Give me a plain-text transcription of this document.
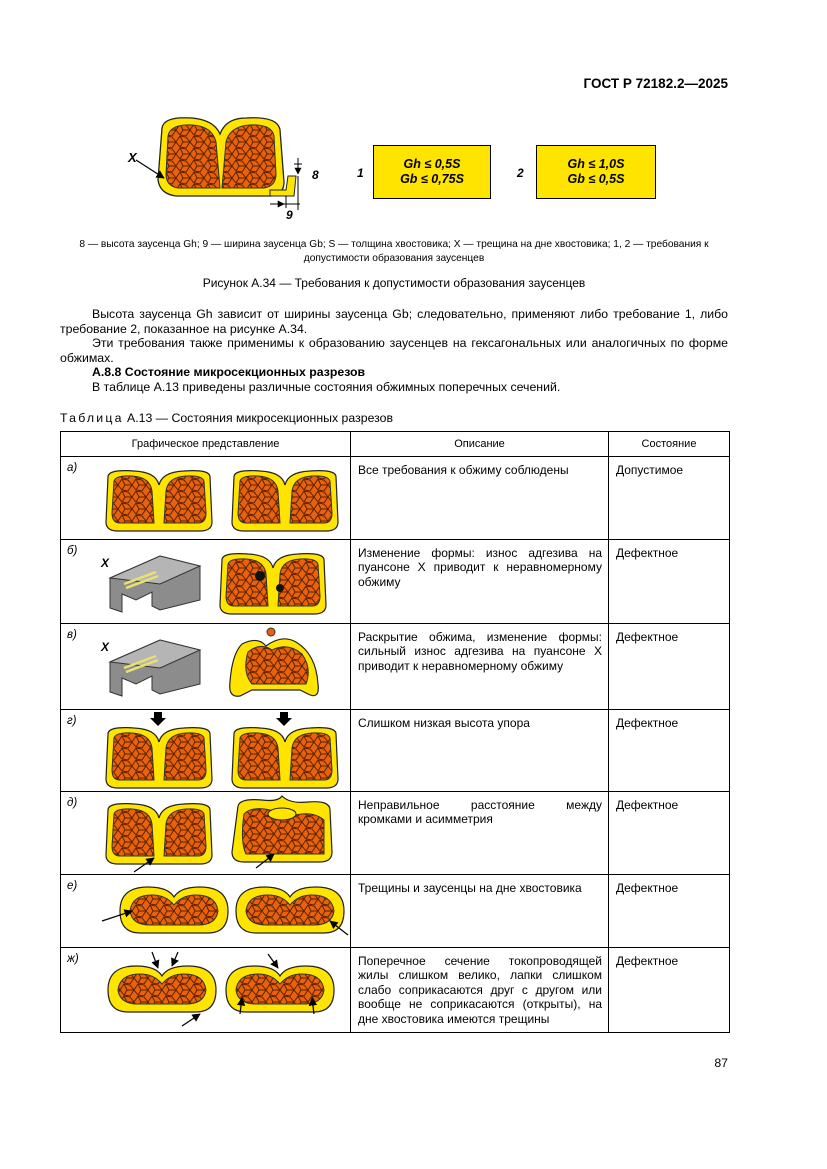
ГОСТ Р 72182.2—2025
X
8
9
1
Gh ≤ 0,5S
Gb ≤ 0,75S	2
Gh ≤ 1,0S
Gb ≤ 0,5S
8 — высота заусенца Gh; 9 — ширина заусенца Gb; S — толщина хвостовика; X — трещина на дне хвостовика; 1, 2 — требования к допустимости образования заусенцев
Рисунок А.34 — Требования к допустимости образования заусенцев

Высота заусенца Gh зависит от ширины заусенца Gb; следовательно, применяют либо требование 1, либо требование 2, показанное на рисунке А.34.

Эти требования также применимы к образованию заусенцев на гексагональных или аналогичных по форме обжимах.

А.8.8 Состояние микросекционных разрезов

В таблице А.13 приведены различные состояния обжимных поперечных сечений.

Таблица А.13 — Состояния микросекционных разрезов
Графическое представление	Описание	Состояние

а)	Все требования к обжиму соблюдены	Допустимое

б)
X	Изменение формы: износ адгезива на пуансоне X приводит к неравномерному обжиму	Дефектное

в)
X	Раскрытие обжима, изменение формы: сильный износ адгезива на пуансоне X приводит к неравномерному обжиму	Дефектное

г)	Слишком низкая высота упора	Дефектное

д)	Неправильное расстояние между кромками и асимметрия	Дефектное

е)	Трещины и заусенцы на дне хвостовика	Дефектное

ж)	Поперечное сечение токопроводящей жилы слишком велико, лапки слишком слабо соприкасаются друг с другом или вообще не соприкасаются (открыты), на дне хвостовика имеются трещины	Дефектное
87
